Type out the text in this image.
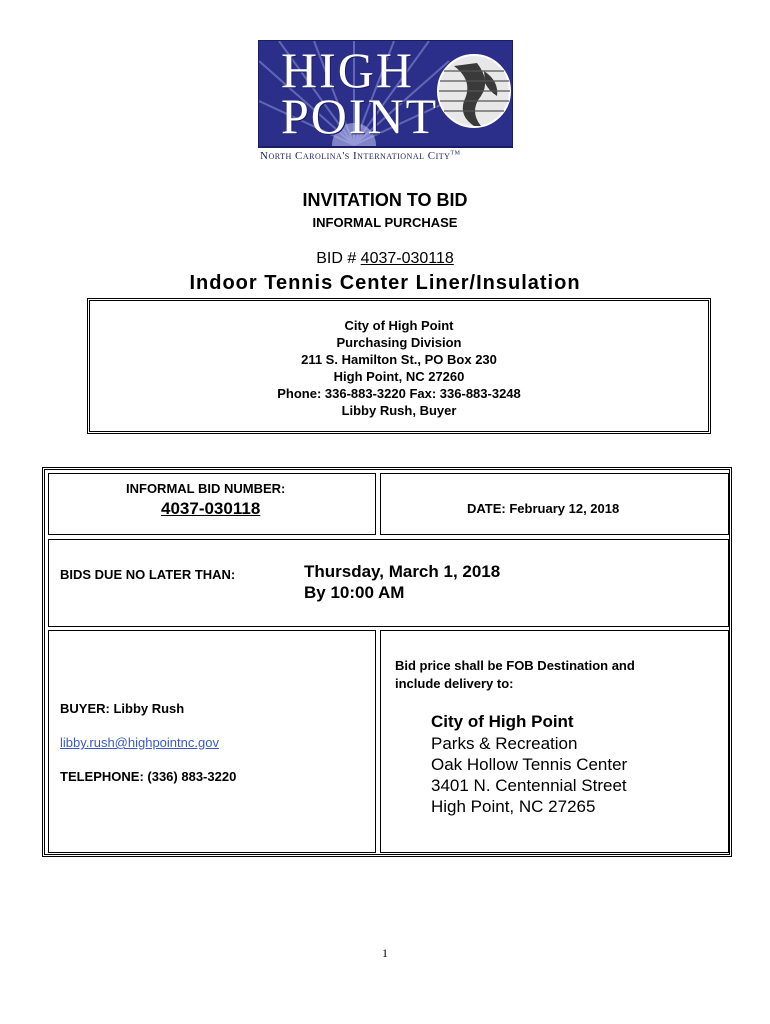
HIGH
POINT
North Carolina's International City™
INVITATION TO BID
INFORMAL PURCHASE
BID # 4037-030118
Indoor Tennis Center Liner/Insulation
City of High Point
Purchasing Division
211 S. Hamilton St., PO Box 230
High Point, NC 27260
Phone: 336-883-3220 Fax: 336-883-3248
Libby Rush, Buyer
INFORMAL BID NUMBER:
4037-030118	DATE: February 12, 2018
BIDS DUE NO LATER THAN:	Thursday, March 1, 2018
By 10:00 AM
BUYER: Libby Rush
libby.rush@highpointnc.gov
TELEPHONE: (336) 883-3220
Bid price shall be FOB Destination and
include delivery to:
City of High Point
Parks & Recreation
Oak Hollow Tennis Center
3401 N. Centennial Street
High Point, NC 27265
1
